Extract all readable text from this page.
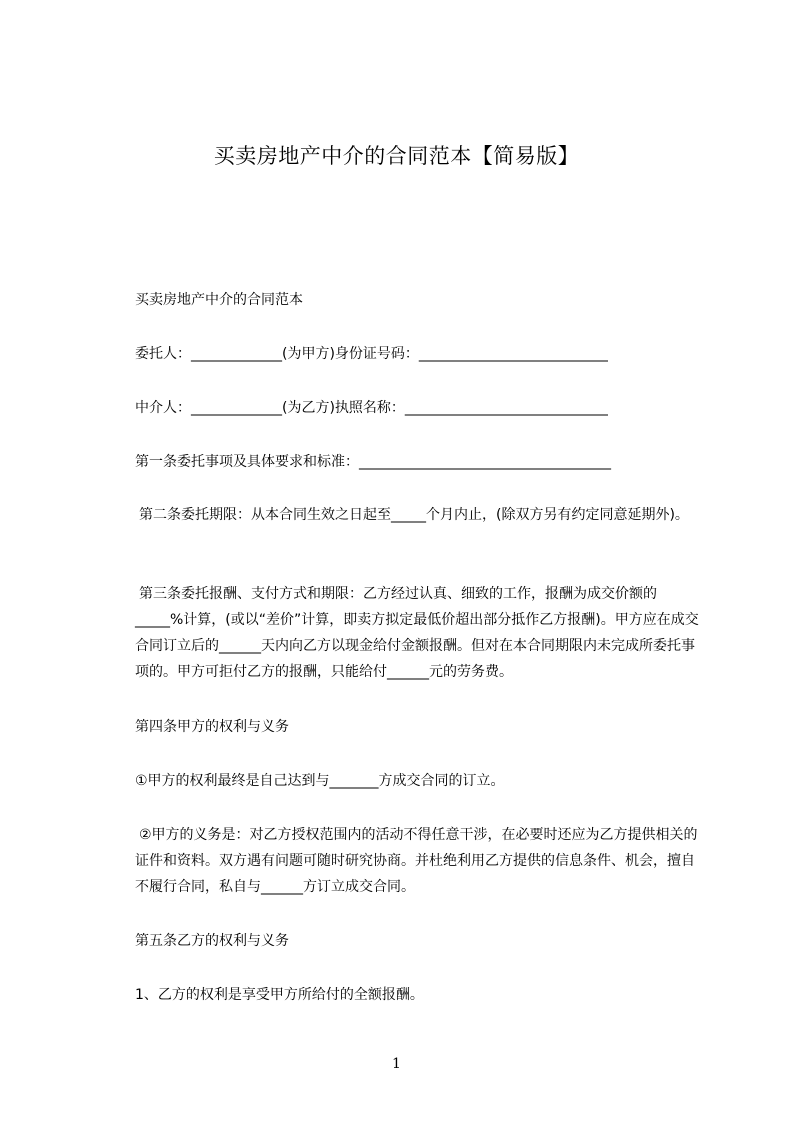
买卖房地产中介的合同范本【简易版】

买卖房地产中介的合同范本

委托人：_____________(为甲方)身份证号码：___________________________

中介人：_____________(为乙方)执照名称：_____________________________

第一条委托事项及具体要求和标准：____________________________________

第二条委托期限：从本合同生效之日起至_____个月内止，(除双方另有约定同意延期外)。

第三条委托报酬、支付方式和期限：乙方经过认真、细致的工作，报酬为成交价额的_____%计算，(或以“差价”计算，即卖方拟定最低价超出部分抵作乙方报酬)。甲方应在成交合同订立后的______天内向乙方以现金给付金额报酬。但对在本合同期限内未完成所委托事项的。甲方可拒付乙方的报酬，只能给付______元的劳务费。

第四条甲方的权利与义务

①甲方的权利最终是自己达到与_______方成交合同的订立。

②甲方的义务是：对乙方授权范围内的活动不得任意干涉，在必要时还应为乙方提供相关的证件和资料。双方遇有问题可随时研究协商。并杜绝利用乙方提供的信息条件、机会，擅自不履行合同，私自与______方订立成交合同。

第五条乙方的权利与义务

1、乙方的权利是享受甲方所给付的全额报酬。

1
